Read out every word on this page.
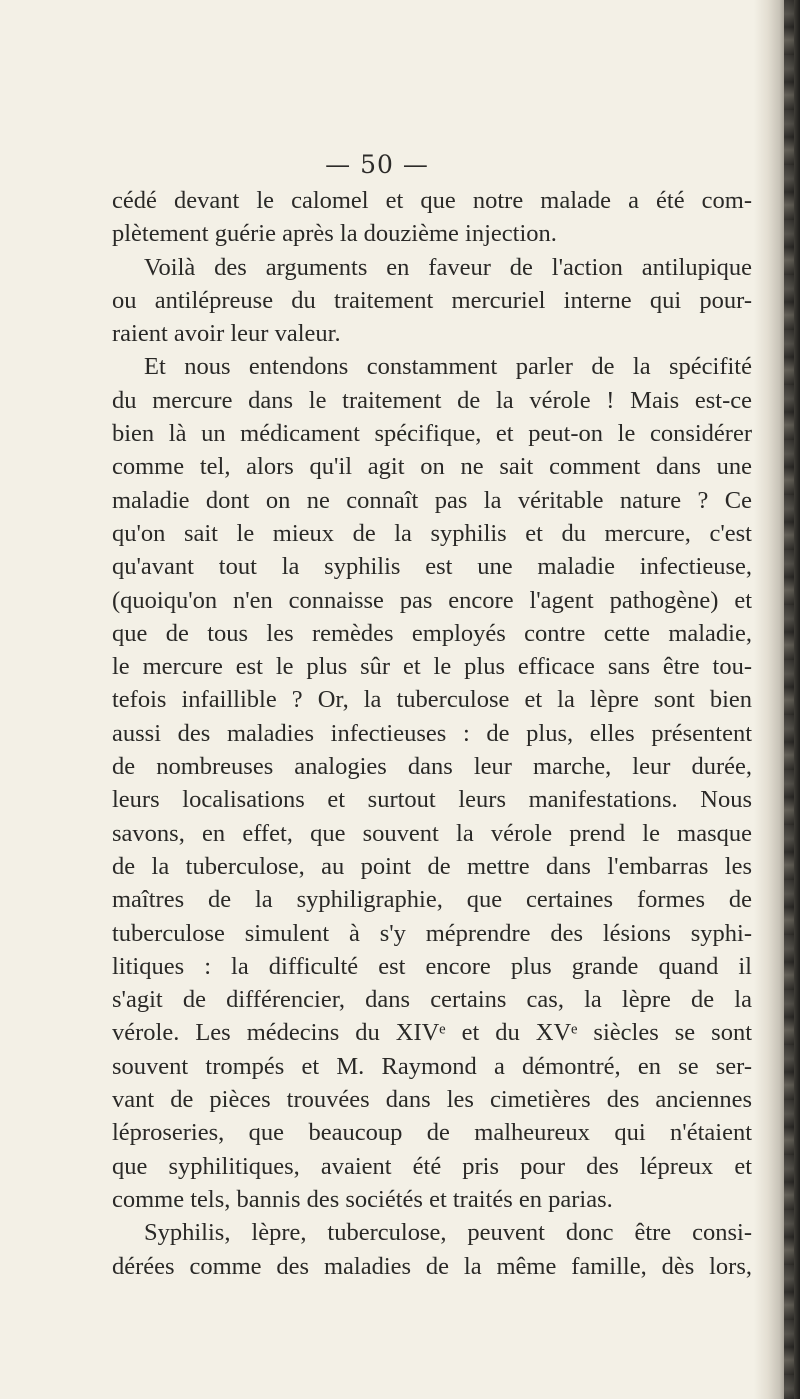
— 50 —
cédé devant le calomel et que notre malade a été com-
plètement guérie après la douzième injection.
Voilà des arguments en faveur de l'action antilupique
ou antilépreuse du traitement mercuriel interne qui pour-
raient avoir leur valeur.
Et nous entendons constamment parler de la spécifité
du mercure dans le traitement de la vérole ! Mais est-ce
bien là un médicament spécifique, et peut-on le considérer
comme tel, alors qu'il agit on ne sait comment dans une
maladie dont on ne connaît pas la véritable nature ? Ce
qu'on sait le mieux de la syphilis et du mercure, c'est
qu'avant tout la syphilis est une maladie infectieuse,
(quoiqu'on n'en connaisse pas encore l'agent pathogène) et
que de tous les remèdes employés contre cette maladie,
le mercure est le plus sûr et le plus efficace sans être tou-
tefois infaillible ? Or, la tuberculose et la lèpre sont bien
aussi des maladies infectieuses : de plus, elles présentent
de nombreuses analogies dans leur marche, leur durée,
leurs localisations et surtout leurs manifestations. Nous
savons, en effet, que souvent la vérole prend le masque
de la tuberculose, au point de mettre dans l'embarras les
maîtres de la syphiligraphie, que certaines formes de
tuberculose simulent à s'y méprendre des lésions syphi-
litiques : la difficulté est encore plus grande quand il
s'agit de différencier, dans certains cas, la lèpre de la
vérole. Les médecins du XIVᵉ et du XVᵉ siècles se sont
souvent trompés et M. Raymond a démontré, en se ser-
vant de pièces trouvées dans les cimetières des anciennes
léproseries, que beaucoup de malheureux qui n'étaient
que syphilitiques, avaient été pris pour des lépreux et
comme tels, bannis des sociétés et traités en parias.
Syphilis, lèpre, tuberculose, peuvent donc être consi-
dérées comme des maladies de la même famille, dès lors,
